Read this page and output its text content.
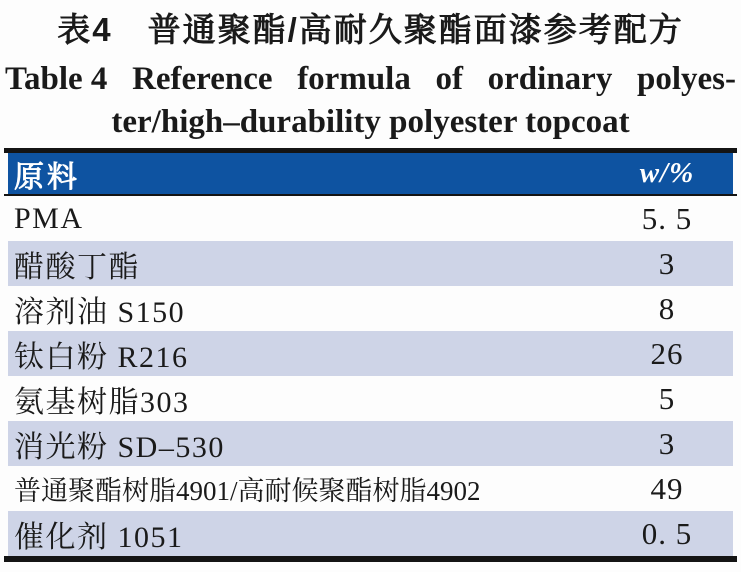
表4　普通聚酯/高耐久聚酯面漆参考配方
Table 4 Reference formula of ordinary polyes-
ter/high–durability polyester topcoat
原料	w/%
PMA	5. 5
醋酸丁酯	3
溶剂油 S150	8
钛白粉 R216	26
氨基树脂303	5
消光粉 SD–530	3
普通聚酯树脂4901/高耐候聚酯树脂4902	49
催化剂 1051	0. 5
